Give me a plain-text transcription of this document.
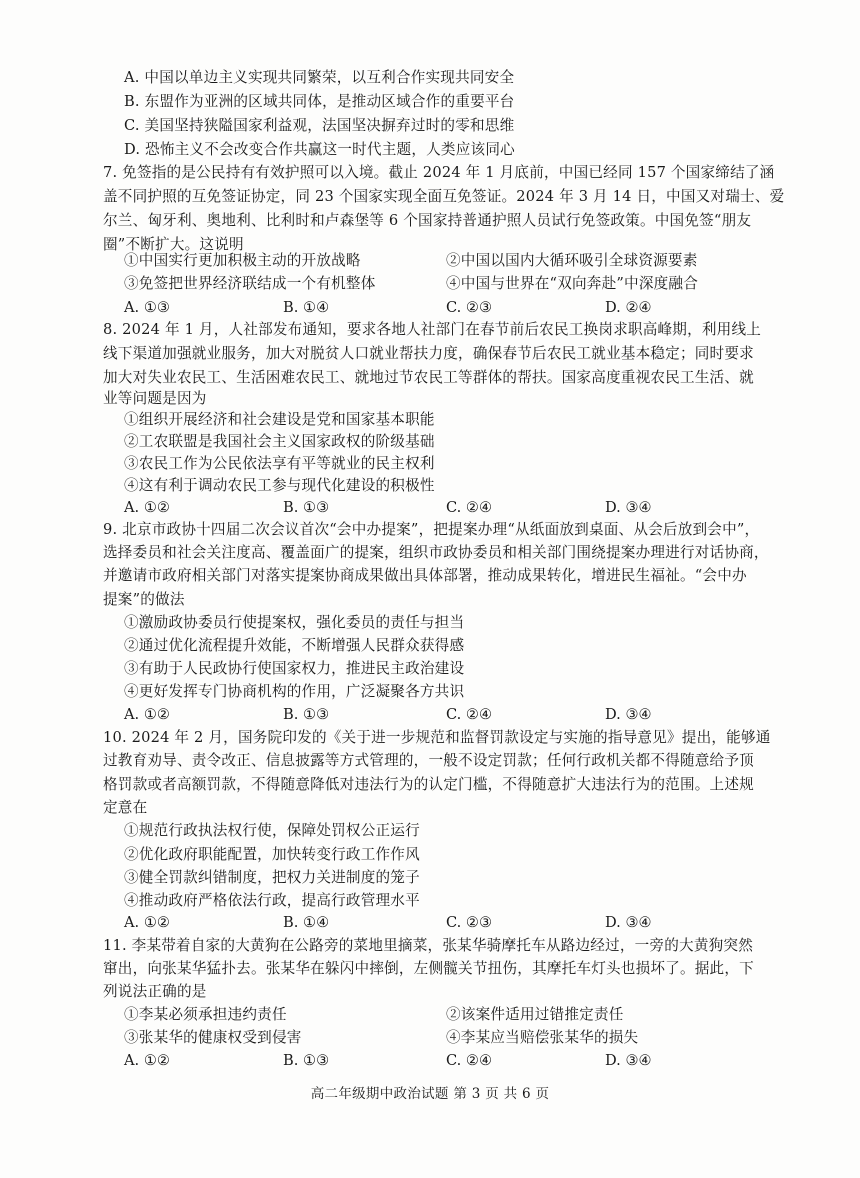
A. 中国以单边主义实现共同繁荣，以互利合作实现共同安全
B. 东盟作为亚洲的区域共同体，是推动区域合作的重要平台
C. 美国坚持狭隘国家利益观，法国坚决摒弃过时的零和思维
D. 恐怖主义不会改变合作共赢这一时代主题，人类应该同心
7. 免签指的是公民持有有效护照可以入境。截止 2024 年 1 月底前，中国已经同 157 个国家缔结了涵
盖不同护照的互免签证协定，同 23 个国家实现全面互免签证。2024 年 3 月 14 日，中国又对瑞士、爱
尔兰、匈牙利、奥地利、比利时和卢森堡等 6 个国家持普通护照人员试行免签政策。中国免签“朋友
圈”不断扩大。这说明
①中国实行更加积极主动的开放战略	②中国以国内大循环吸引全球资源要素
③免签把世界经济联结成一个有机整体	④中国与世界在“双向奔赴”中深度融合
A. ①③	B. ①④	C. ②③	D. ②④
8. 2024 年 1 月，人社部发布通知，要求各地人社部门在春节前后农民工换岗求职高峰期，利用线上
线下渠道加强就业服务，加大对脱贫人口就业帮扶力度，确保春节后农民工就业基本稳定；同时要求
加大对失业农民工、生活困难农民工、就地过节农民工等群体的帮扶。国家高度重视农民工生活、就
业等问题是因为
①组织开展经济和社会建设是党和国家基本职能
②工农联盟是我国社会主义国家政权的阶级基础
③农民工作为公民依法享有平等就业的民主权利
④这有利于调动农民工参与现代化建设的积极性
A. ①②	B. ①③	C. ②④	D. ③④
9. 北京市政协十四届二次会议首次“会中办提案”，把提案办理“从纸面放到桌面、从会后放到会中”，
选择委员和社会关注度高、覆盖面广的提案，组织市政协委员和相关部门围绕提案办理进行对话协商，
并邀请市政府相关部门对落实提案协商成果做出具体部署，推动成果转化，增进民生福祉。“会中办
提案”的做法
①激励政协委员行使提案权，强化委员的责任与担当
②通过优化流程提升效能，不断增强人民群众获得感
③有助于人民政协行使国家权力，推进民主政治建设
④更好发挥专门协商机构的作用，广泛凝聚各方共识
A. ①②	B. ①③	C. ②④	D. ③④
10. 2024 年 2 月，国务院印发的《关于进一步规范和监督罚款设定与实施的指导意见》提出，能够通
过教育劝导、责令改正、信息披露等方式管理的，一般不设定罚款；任何行政机关都不得随意给予顶
格罚款或者高额罚款，不得随意降低对违法行为的认定门槛，不得随意扩大违法行为的范围。上述规
定意在
①规范行政执法权行使，保障处罚权公正运行
②优化政府职能配置，加快转变行政工作作风
③健全罚款纠错制度，把权力关进制度的笼子
④推动政府严格依法行政，提高行政管理水平
A. ①②	B. ①④	C. ②③	D. ③④
11. 李某带着自家的大黄狗在公路旁的菜地里摘菜，张某华骑摩托车从路边经过，一旁的大黄狗突然
窜出，向张某华猛扑去。张某华在躲闪中摔倒，左侧髋关节扭伤，其摩托车灯头也损坏了。据此，下
列说法正确的是
①李某必须承担违约责任	②该案件适用过错推定责任
③张某华的健康权受到侵害	④李某应当赔偿张某华的损失
A. ①②	B. ①③	C. ②④	D. ③④
高二年级期中政治试题 第 3 页 共 6 页
